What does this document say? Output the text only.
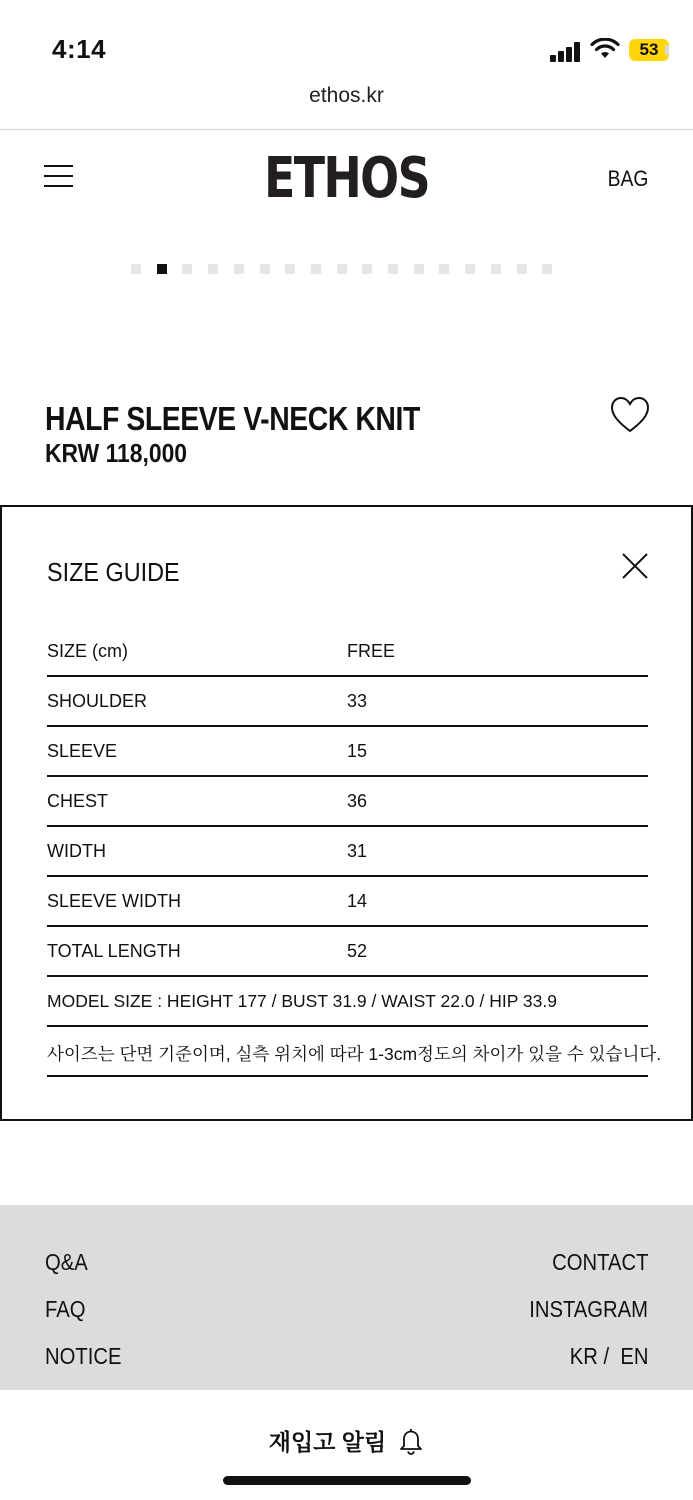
4:14	53
ethos.kr
ETHOS	BAG
HALF SLEEVE V-NECK KNIT
KRW 118,000
SIZE GUIDE
SIZE (cm)	FREE
SHOULDER	33
SLEEVE	15
CHEST	36
WIDTH	31
SLEEVE WIDTH	14
TOTAL LENGTH	52
MODEL SIZE : HEIGHT 177 / BUST 31.9 / WAIST 22.0 / HIP 33.9
사이즈는 단면 기준이며, 실측 위치에 따라 1-3cm정도의 차이가 있을 수 있습니다.
Q&A
FAQ
NOTICE
CONTACT
INSTAGRAM
KR /  EN
재입고 알림
